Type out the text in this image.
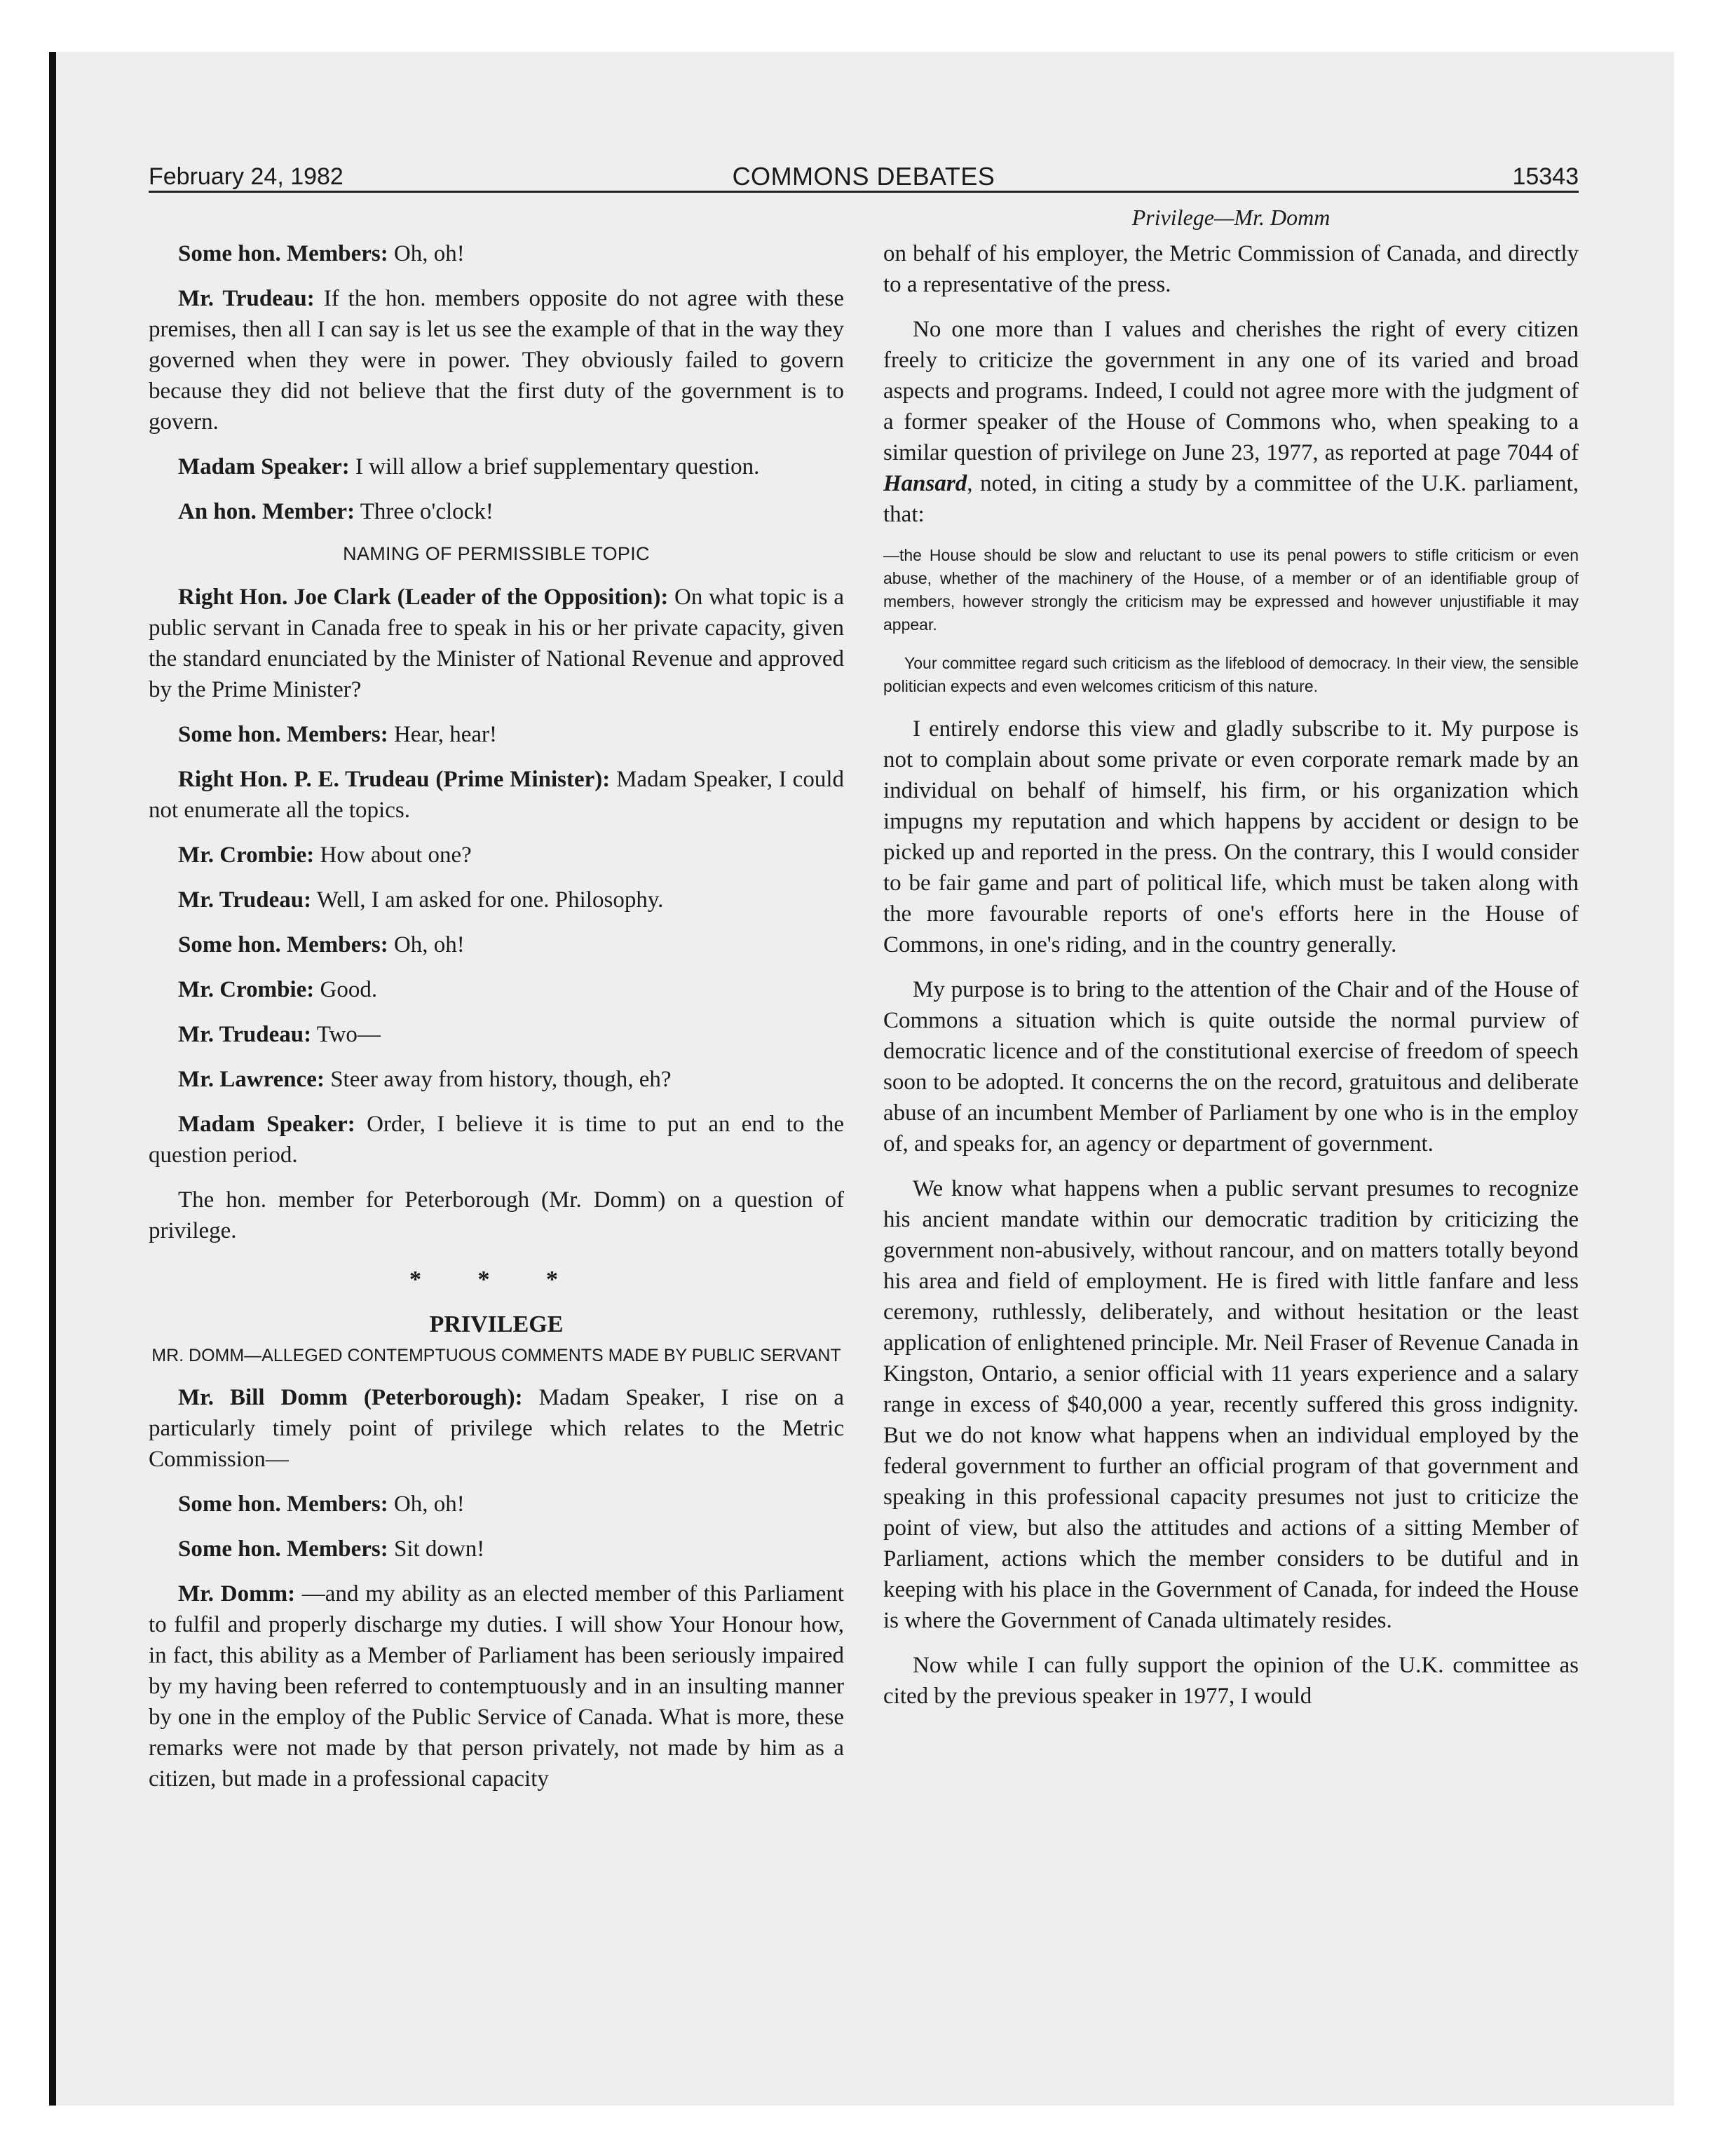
February 24, 1982	COMMONS DEBATES	15343
Privilege—Mr. Domm

Some hon. Members: Oh, oh!

Mr. Trudeau: If the hon. members opposite do not agree with these premises, then all I can say is let us see the example of that in the way they governed when they were in power. They obviously failed to govern because they did not believe that the first duty of the government is to govern.

Madam Speaker: I will allow a brief supplementary question.

An hon. Member: Three o'clock!

NAMING OF PERMISSIBLE TOPIC

Right Hon. Joe Clark (Leader of the Opposition): On what topic is a public servant in Canada free to speak in his or her private capacity, given the standard enunciated by the Minister of National Revenue and approved by the Prime Minister?

Some hon. Members: Hear, hear!

Right Hon. P. E. Trudeau (Prime Minister): Madam Speaker, I could not enumerate all the topics.

Mr. Crombie: How about one?

Mr. Trudeau: Well, I am asked for one. Philosophy.

Some hon. Members: Oh, oh!

Mr. Crombie: Good.

Mr. Trudeau: Two—

Mr. Lawrence: Steer away from history, though, eh?

Madam Speaker: Order, I believe it is time to put an end to the question period.

The hon. member for Peterborough (Mr. Domm) on a question of privilege.

* * *
PRIVILEGE
MR. DOMM—ALLEGED CONTEMPTUOUS COMMENTS MADE BY PUBLIC SERVANT

Mr. Bill Domm (Peterborough): Madam Speaker, I rise on a particularly timely point of privilege which relates to the Metric Commission—

Some hon. Members: Oh, oh!

Some hon. Members: Sit down!

Mr. Domm: —and my ability as an elected member of this Parliament to fulfil and properly discharge my duties. I will show Your Honour how, in fact, this ability as a Member of Parliament has been seriously impaired by my having been referred to contemptuously and in an insulting manner by one in the employ of the Public Service of Canada. What is more, these remarks were not made by that person privately, not made by him as a citizen, but made in a professional capacity

on behalf of his employer, the Metric Commission of Canada, and directly to a representative of the press.

No one more than I values and cherishes the right of every citizen freely to criticize the government in any one of its varied and broad aspects and programs. Indeed, I could not agree more with the judgment of a former speaker of the House of Commons who, when speaking to a similar question of privilege on June 23, 1977, as reported at page 7044 of Hansard, noted, in citing a study by a committee of the U.K. parliament, that:

—the House should be slow and reluctant to use its penal powers to stifle criticism or even abuse, whether of the machinery of the House, of a member or of an identifiable group of members, however strongly the criticism may be expressed and however unjustifiable it may appear.
Your committee regard such criticism as the lifeblood of democracy. In their view, the sensible politician expects and even welcomes criticism of this nature.

I entirely endorse this view and gladly subscribe to it. My purpose is not to complain about some private or even corporate remark made by an individual on behalf of himself, his firm, or his organization which impugns my reputation and which happens by accident or design to be picked up and reported in the press. On the contrary, this I would consider to be fair game and part of political life, which must be taken along with the more favourable reports of one's efforts here in the House of Commons, in one's riding, and in the country generally.

My purpose is to bring to the attention of the Chair and of the House of Commons a situation which is quite outside the normal purview of democratic licence and of the constitutional exercise of freedom of speech soon to be adopted. It concerns the on the record, gratuitous and deliberate abuse of an incumbent Member of Parliament by one who is in the employ of, and speaks for, an agency or department of government.

We know what happens when a public servant presumes to recognize his ancient mandate within our democratic tradition by criticizing the government non-abusively, without rancour, and on matters totally beyond his area and field of employment. He is fired with little fanfare and less ceremony, ruthlessly, deliberately, and without hesitation or the least application of enlightened principle. Mr. Neil Fraser of Revenue Canada in Kingston, Ontario, a senior official with 11 years experience and a salary range in excess of $40,000 a year, recently suffered this gross indignity. But we do not know what happens when an individual employed by the federal government to further an official program of that government and speaking in this professional capacity presumes not just to criticize the point of view, but also the attitudes and actions of a sitting Member of Parliament, actions which the member considers to be dutiful and in keeping with his place in the Government of Canada, for indeed the House is where the Government of Canada ultimately resides.

Now while I can fully support the opinion of the U.K. committee as cited by the previous speaker in 1977, I would
